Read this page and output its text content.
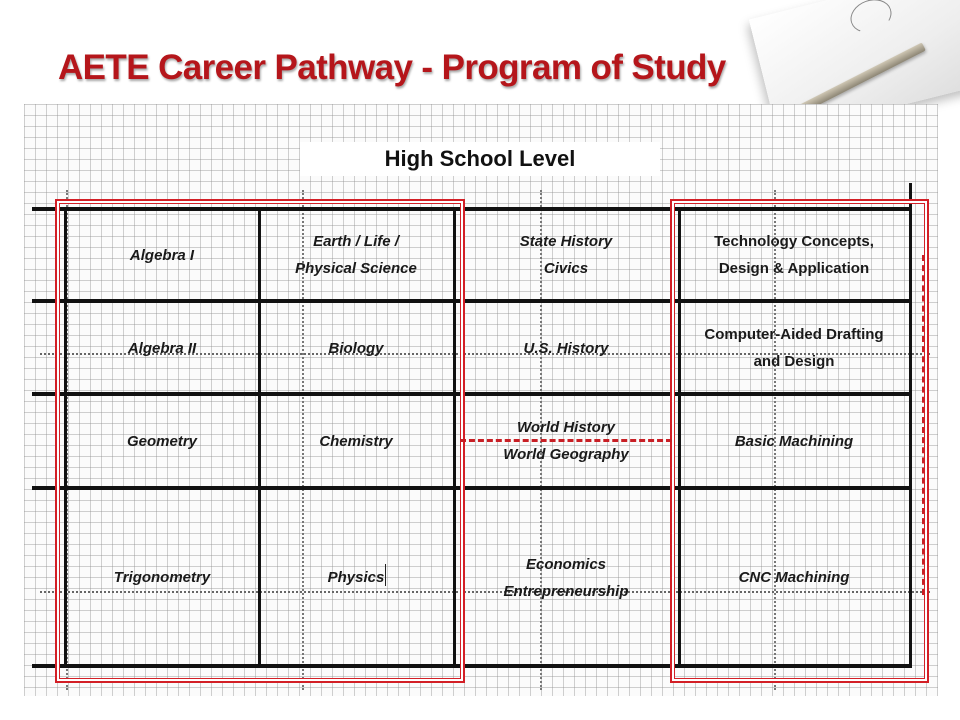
AETE Career Pathway - Program of Study
High School Level
Algebra I
Algebra II
Geometry
Trigonometry
Earth / Life /
Physical Science
Biology
Chemistry
Physics
State History
Civics
U.S. History
World History
World Geography
Economics
Entrepreneurship
Technology Concepts,
Design & Application
Computer-Aided Drafting
and Design
Basic Machining
CNC Machining
